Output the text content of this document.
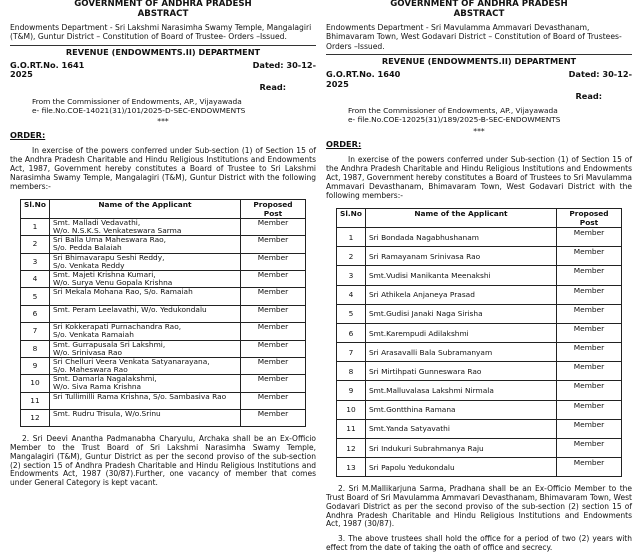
GOVERNMENT OF ANDHRA PRADESH
ABSTRACT
Endowments Department - Sri Lakshmi Narasimha Swamy Temple, Mangalagiri (T&M), Guntur District – Constitution of Board of Trustee- Orders –Issued.
REVENUE (ENDOWMENTS.II) DEPARTMENT
G.O.RT.No. 1641	Dated: 30-12-
2025
Read:
From the Commissioner of Endowments, AP., Vijayawada
e- file.No.COE-14021(31)/101/2025-D-SEC-ENDOWMENTS
***
ORDER:
In exercise of the powers conferred under Sub-section (1) of Section 15 of the Andhra Pradesh Charitable and Hindu Religious Institutions and Endowments Act, 1987, Government hereby constitutes a Board of Trustee to Sri Lakshmi Narasimha Swamy Temple, Mangalagiri (T&M), Guntur District with the following members:-
Sl.No	Name of the Applicant	Proposed Post
1	Smt. Malladi Vedavathi,
W/o. N.S.K.S. Venkateswara Sarma	Member
2	Sri Balla Uma Maheswara Rao,
S/o. Pedda Balaiah	Member
3	Sri Bhimavarapu Seshi Reddy,
S/o. Venkata Reddy	Member
4	Smt. Majeti Krishna Kumari,
W/o. Surya Venu Gopala Krishna	Member
5	Sri Mekala Mohana Rao, S/o. Ramaiah	Member
6	Smt. Peram Leelavathi, W/o. Yedukondalu	Member
7	Sri Kokkerapati Purnachandra Rao,
S/o. Venkata Ramaiah	Member
8	Smt. Gurrapusala Sri Lakshmi,
W/o. Srinivasa Rao	Member
9	Sri Chelluri Veera Venkata Satyanarayana,
S/o. Maheswara Rao	Member
10	Smt. Damarla Nagalakshmi,
W/o. Siva Rama Krishna	Member
11	Sri Tullimilli Rama Krishna, S/o. Sambasiva Rao	Member
12	Smt. Rudru Trisula, W/o.Srinu	Member
2. Sri Deevi Anantha Padmanabha Charyulu, Archaka shall be an Ex-Officio Member to the Trust Board of Sri Lakshmi Narasimha Swamy Temple, Mangalagiri (T&M), Guntur District as per the second proviso of the sub-section (2) section 15 of Andhra Pradesh Charitable and Hindu Religious Institutions and Endowments Act, 1987 (30/87).Further, one vacancy of member that comes under General Category is kept vacant.
GOVERNMENT OF ANDHRA PRADESH
ABSTRACT
Endowments Department - Sri Mavulamma Ammavari Devasthanam, Bhimavaram Town, West Godavari District – Constitution of Board of Trustees- Orders –Issued.
REVENUE (ENDOWMENTS.II) DEPARTMENT
G.O.RT.No. 1640	Dated: 30-12-
2025
Read:
From the Commissioner of Endowments, AP., Vijayawada
e- file.No.COE-12025(31)/189/2025-B-SEC-ENDOWMENTS
***
ORDER:
In exercise of the powers conferred under Sub-section (1) of Section 15 of the Andhra Pradesh Charitable and Hindu Religious Institutions and Endowments Act, 1987, Government hereby constitutes a Board of Trustees to Sri Mavulamma Ammavari Devasthanam, Bhimavaram Town, West Godavari District with the following members:-
Sl.No	Name of the Applicant	Proposed Post
1	Sri Bondada Nagabhushanam	Member
2	Sri Ramayanam Srinivasa Rao	Member
3	Smt.Vudisi Manikanta Meenakshi	Member
4	Sri Athikela Anjaneya Prasad	Member
5	Smt.Gudisi Janaki Naga Sirisha	Member
6	Smt.Karempudi Adilakshmi	Member
7	Sri Arasavalli Bala Subramanyam	Member
8	Sri Mirtihpati Gunneswara Rao	Member
9	Smt.Malluvalasa Lakshmi Nirmala	Member
10	Smt.Gontthina Ramana	Member
11	Smt.Yanda Satyavathi	Member
12	Sri Indukuri Subrahmanya Raju	Member
13	Sri Papolu Yedukondalu	Member
2. Sri M.Mallikarjuna Sarma, Pradhana shall be an Ex-Officio Member to the Trust Board of Sri Mavulamma Ammavari Devasthanam, Bhimavaram Town, West Godavari District as per the second proviso of the sub-section (2) section 15 of Andhra Pradesh Charitable and Hindu Religious Institutions and Endowments Act, 1987 (30/87).
3. The above trustees shall hold the office for a period of two (2) years with effect from the date of taking the oath of office and secrecy.
